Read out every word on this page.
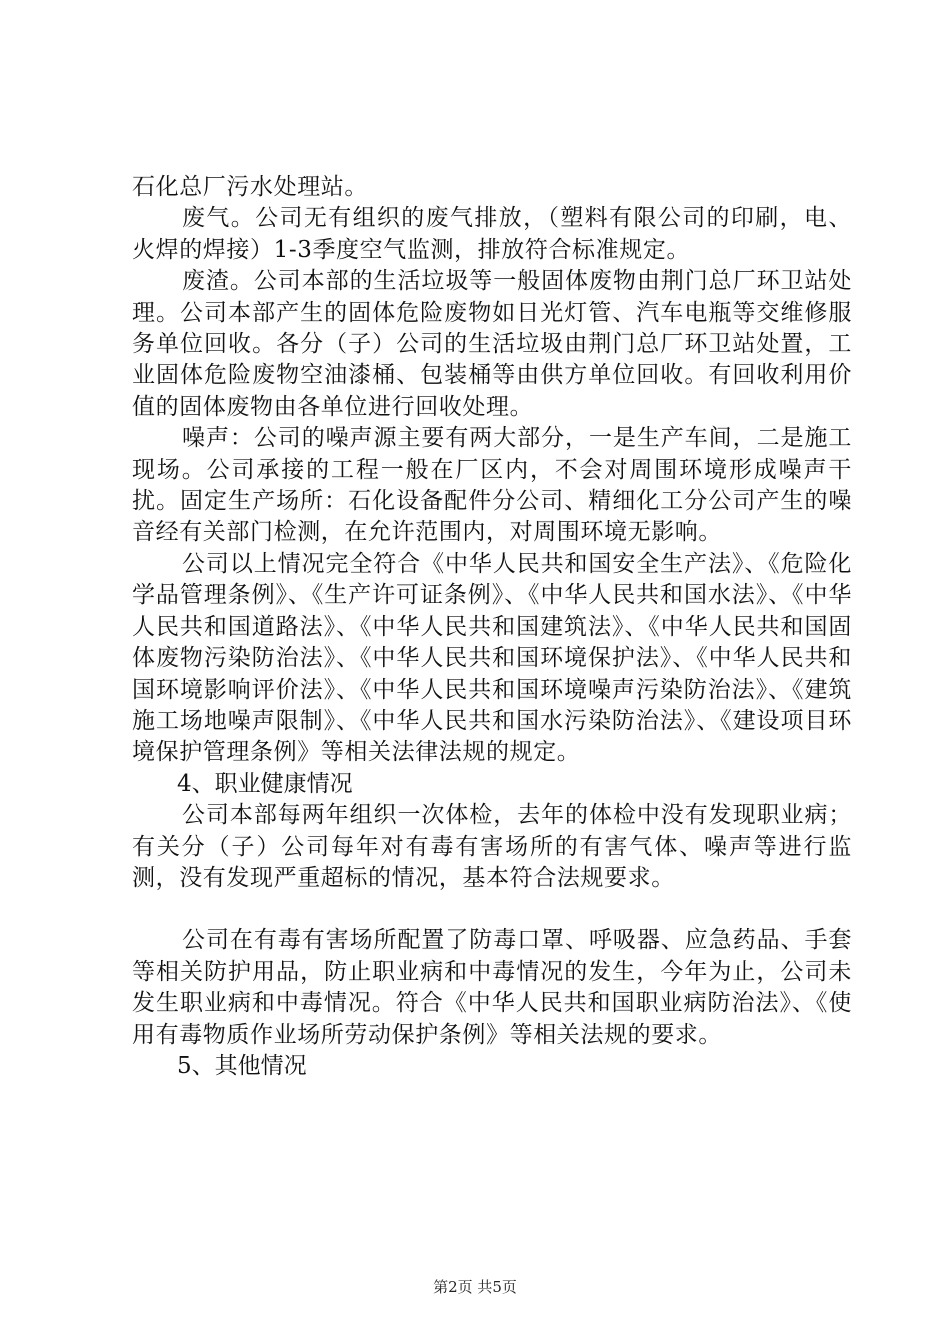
石化总厂污水处理站。

废气。公司无有组织的废气排放，（塑料有限公司的印刷，电、火焊的焊接）1-3季度空气监测，排放符合标准规定。

废渣。公司本部的生活垃圾等一般固体废物由荆门总厂环卫站处理。公司本部产生的固体危险废物如日光灯管、汽车电瓶等交维修服务单位回收。各分（子）公司的生活垃圾由荆门总厂环卫站处置，工业固体危险废物空油漆桶、包装桶等由供方单位回收。有回收利用价值的固体废物由各单位进行回收处理。

噪声：公司的噪声源主要有两大部分，一是生产车间，二是施工现场。公司承接的工程一般在厂区内，不会对周围环境形成噪声干扰。固定生产场所：石化设备配件分公司、精细化工分公司产生的噪音经有关部门检测，在允许范围内，对周围环境无影响。

公司以上情况完全符合《中华人民共和国安全生产法》、《危险化学品管理条例》、《生产许可证条例》、《中华人民共和国水法》、《中华人民共和国道路法》、《中华人民共和国建筑法》、《中华人民共和国固体废物污染防治法》、《中华人民共和国环境保护法》、《中华人民共和国环境影响评价法》、《中华人民共和国环境噪声污染防治法》、《建筑施工场地噪声限制》、《中华人民共和国水污染防治法》、《建设项目环境保护管理条例》等相关法律法规的规定。

4、职业健康情况

公司本部每两年组织一次体检，去年的体检中没有发现职业病；有关分（子）公司每年对有毒有害场所的有害气体、噪声等进行监测，没有发现严重超标的情况，基本符合法规要求。

公司在有毒有害场所配置了防毒口罩、呼吸器、应急药品、手套等相关防护用品，防止职业病和中毒情况的发生，今年为止，公司未发生职业病和中毒情况。符合《中华人民共和国职业病防治法》、《使用有毒物质作业场所劳动保护条例》等相关法规的要求。

5、其他情况

第2页 共5页
